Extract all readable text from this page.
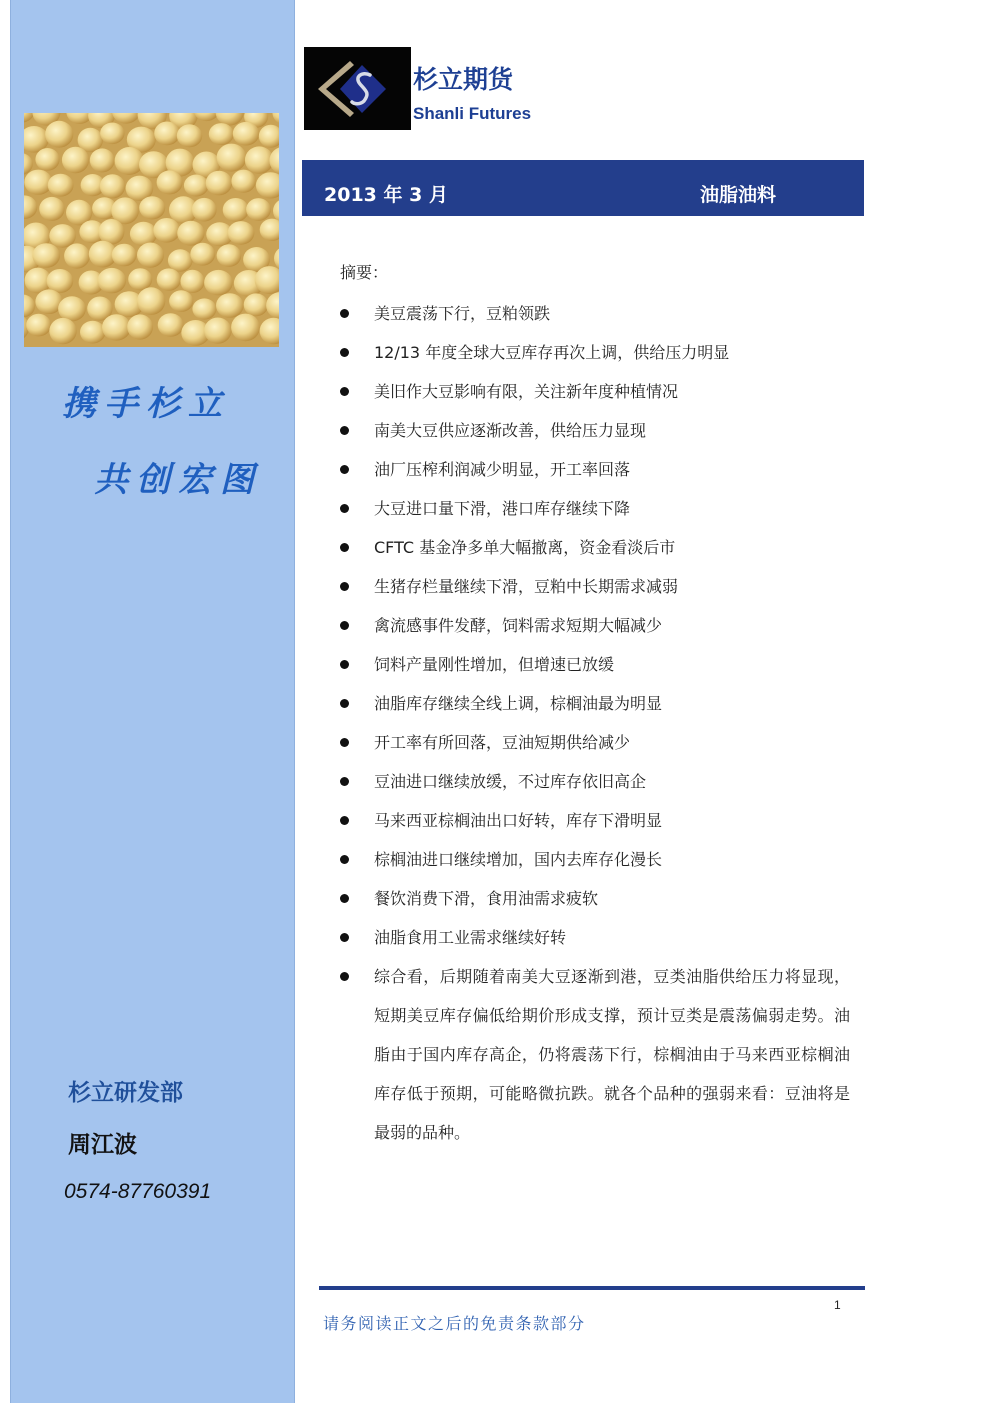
携手杉立
共创宏图
杉立研发部
周江波
0574-87760391
杉立期货
Shanli Futures
2013 年 3 月	油脂油料
摘要：
美豆震荡下行，豆粕领跌
12/13 年度全球大豆库存再次上调，供给压力明显
美旧作大豆影响有限，关注新年度种植情况
南美大豆供应逐渐改善，供给压力显现
油厂压榨利润减少明显，开工率回落
大豆进口量下滑，港口库存继续下降
CFTC 基金净多单大幅撤离，资金看淡后市
生猪存栏量继续下滑，豆粕中长期需求减弱
禽流感事件发酵，饲料需求短期大幅减少
饲料产量刚性增加，但增速已放缓
油脂库存继续全线上调，棕榈油最为明显
开工率有所回落，豆油短期供给减少
豆油进口继续放缓，不过库存依旧高企
马来西亚棕榈油出口好转，库存下滑明显
棕榈油进口继续增加，国内去库存化漫长
餐饮消费下滑，食用油需求疲软
油脂食用工业需求继续好转
综合看，后期随着南美大豆逐渐到港，豆类油脂供给压力将显现，短期美豆库存偏低给期价形成支撑，预计豆类是震荡偏弱走势。油脂由于国内库存高企，仍将震荡下行，棕榈油由于马来西亚棕榈油库存低于预期，可能略微抗跌。就各个品种的强弱来看：豆油将是最弱的品种。
1
请务阅读正文之后的免责条款部分
